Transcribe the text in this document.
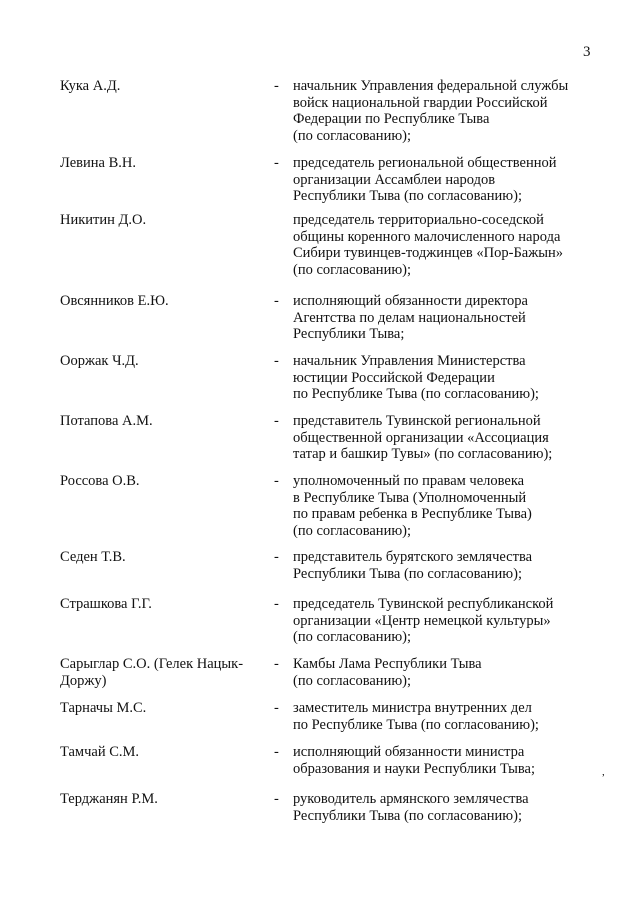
3
Кука А.Д.	- начальник Управления федеральной службы
войск национальной гвардии Российской
Федерации по Республике Тыва
(по согласованию);
Левина В.Н.	- председатель региональной общественной
организации Ассамблеи народов
Республики Тыва (по согласованию);
Никитин Д.О.	председатель территориально-соседской
общины коренного малочисленного народа
Сибири тувинцев-тоджинцев «Пор-Бажын»
(по согласованию);
Овсянников Е.Ю.	- исполняющий обязанности директора
Агентства по делам национальностей
Республики Тыва;
Ооржак Ч.Д.	- начальник Управления Министерства
юстиции Российской Федерации
по Республике Тыва (по согласованию);
Потапова А.М.	- представитель Тувинской региональной
общественной организации «Ассоциация
татар и башкир Тувы» (по согласованию);
Россова О.В.	- уполномоченный по правам человека
в Республике Тыва (Уполномоченный
по правам ребенка в Республике Тыва)
(по согласованию);
Седен Т.В.	- представитель бурятского землячества
Республики Тыва (по согласованию);
Страшкова Г.Г.	- председатель Тувинской республиканской
организации «Центр немецкой культуры»
(по согласованию);
Сарыглар С.О. (Гелек Нацык-
Доржу)
- Камбы Лама Республики Тыва
(по согласованию);
Тарначы М.С.	- заместитель министра внутренних дел
по Республике Тыва (по согласованию);
Тамчай С.М.	- исполняющий обязанности министра
образования и науки Республики Тыва;
Терджанян Р.М.	- руководитель армянского землячества
Республики Тыва (по согласованию);
,
